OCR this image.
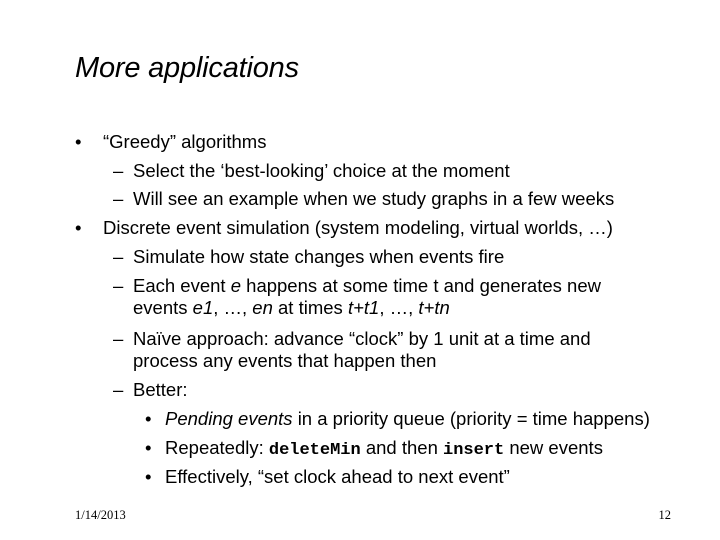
More applications
• “Greedy” algorithms
– Select the ‘best-looking’ choice at the moment
– Will see an example when we study graphs in a few weeks
• Discrete event simulation (system modeling, virtual worlds, …)
– Simulate how state changes when events fire
– Each event e happens at some time t and generates new
events e1, …, en at times t+t1, …, t+tn
– Naïve approach: advance “clock” by 1 unit at a time and
process any events that happen then
– Better:
• Pending events in a priority queue (priority = time happens)
• Repeatedly: deleteMin and then insert new events
• Effectively, “set clock ahead to next event”
1/14/2013	12
